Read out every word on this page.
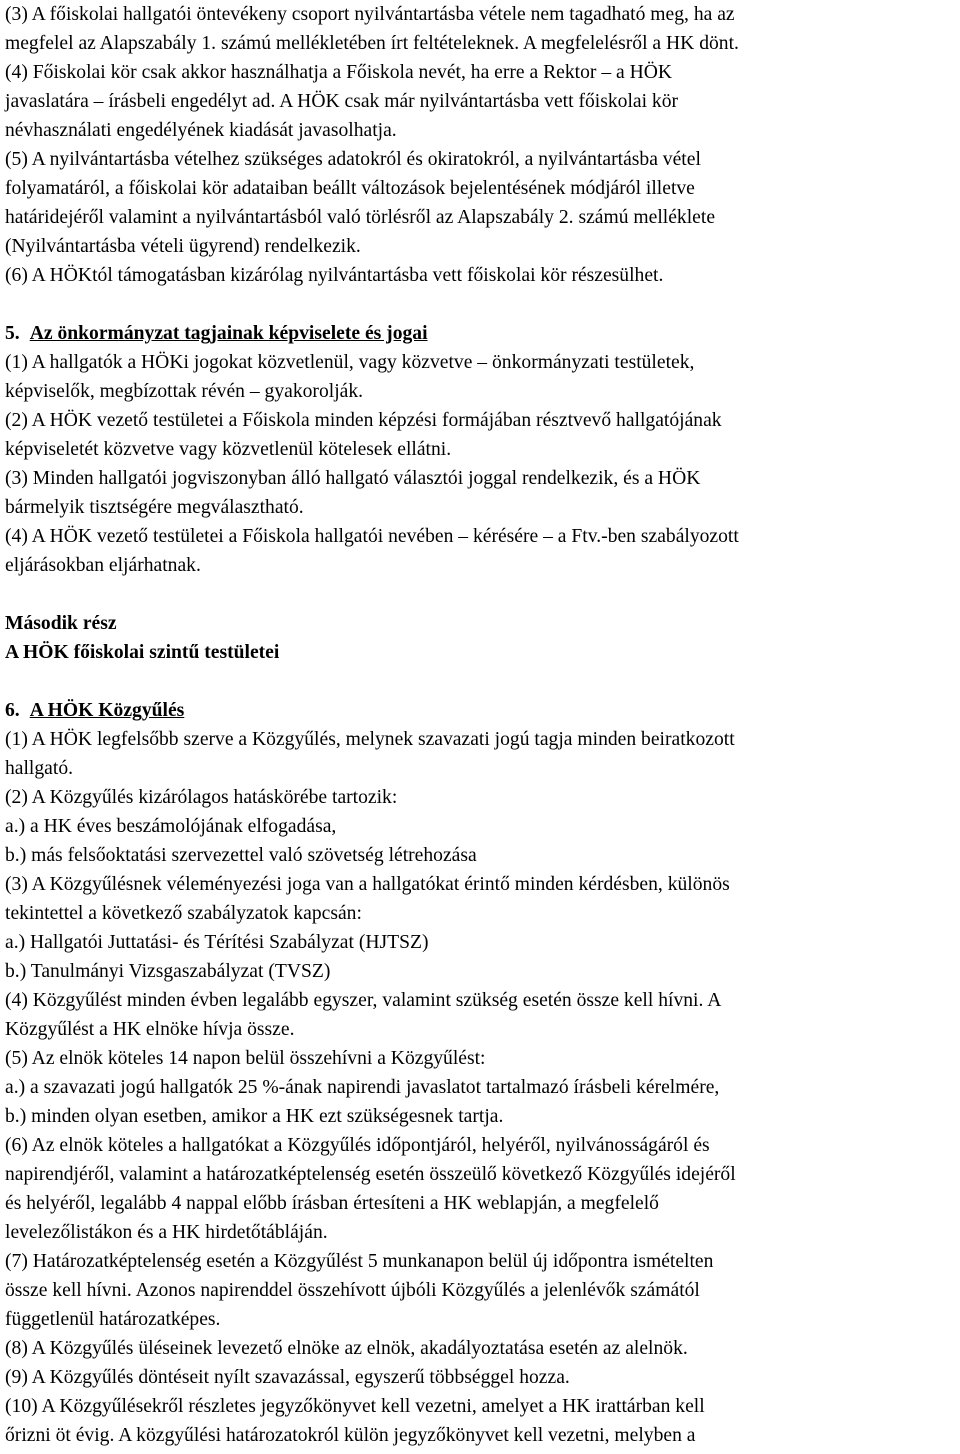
(3) A főiskolai hallgatói öntevékeny csoport nyilvántartásba vétele nem tagadható meg, ha az
megfelel az Alapszabály 1. számú mellékletében írt feltételeknek. A megfelelésről a HK dönt.
(4) Főiskolai kör csak akkor használhatja a Főiskola nevét, ha erre a Rektor – a HÖK
javaslatára – írásbeli engedélyt ad. A HÖK csak már nyilvántartásba vett főiskolai kör
névhasználati engedélyének kiadását javasolhatja.
(5) A nyilvántartásba vételhez szükséges adatokról és okiratokról, a nyilvántartásba vétel
folyamatáról, a főiskolai kör adataiban beállt változások bejelentésének módjáról illetve
határidejéről valamint a nyilvántartásból való törlésről az Alapszabály 2. számú melléklete
(Nyilvántartásba vételi ügyrend) rendelkezik.
(6) A HÖKtól támogatásban kizárólag nyilvántartásba vett főiskolai kör részesülhet.
5. Az önkormányzat tagjainak képviselete és jogai
(1) A hallgatók a HÖKi jogokat közvetlenül, vagy közvetve – önkormányzati testületek,
képviselők, megbízottak révén – gyakorolják.
(2) A HÖK vezető testületei a Főiskola minden képzési formájában résztvevő hallgatójának
képviseletét közvetve vagy közvetlenül kötelesek ellátni.
(3) Minden hallgatói jogviszonyban álló hallgató választói joggal rendelkezik, és a HÖK
bármelyik tisztségére megválasztható.
(4) A HÖK vezető testületei a Főiskola hallgatói nevében – kérésére – a Ftv.-ben szabályozott
eljárásokban eljárhatnak.
Második rész
A HÖK főiskolai szintű testületei
6. A HÖK Közgyűlés
(1) A HÖK legfelsőbb szerve a Közgyűlés, melynek szavazati jogú tagja minden beiratkozott
hallgató.
(2) A Közgyűlés kizárólagos hatáskörébe tartozik:
a.) a HK éves beszámolójának elfogadása,
b.) más felsőoktatási szervezettel való szövetség létrehozása
(3) A Közgyűlésnek véleményezési joga van a hallgatókat érintő minden kérdésben, különös
tekintettel a következő szabályzatok kapcsán:
a.) Hallgatói Juttatási- és Térítési Szabályzat (HJTSZ)
b.) Tanulmányi Vizsgaszabályzat (TVSZ)
(4) Közgyűlést minden évben legalább egyszer, valamint szükség esetén össze kell hívni. A
Közgyűlést a HK elnöke hívja össze.
(5) Az elnök köteles 14 napon belül összehívni a Közgyűlést:
a.) a szavazati jogú hallgatók 25 %-ának napirendi javaslatot tartalmazó írásbeli kérelmére,
b.) minden olyan esetben, amikor a HK ezt szükségesnek tartja.
(6) Az elnök köteles a hallgatókat a Közgyűlés időpontjáról, helyéről, nyilvánosságáról és
napirendjéről, valamint a határozatképtelenség esetén összeülő következő Közgyűlés idejéről
és helyéről, legalább 4 nappal előbb írásban értesíteni a HK weblapján, a megfelelő
levelezőlistákon és a HK hirdetőtábláján.
(7) Határozatképtelenség esetén a Közgyűlést 5 munkanapon belül új időpontra ismételten
össze kell hívni. Azonos napirenddel összehívott újbóli Közgyűlés a jelenlévők számától
függetlenül határozatképes.
(8) A Közgyűlés üléseinek levezető elnöke az elnök, akadályoztatása esetén az alelnök.
(9) A Közgyűlés döntéseit nyílt szavazással, egyszerű többséggel hozza.
(10) A Közgyűlésekről részletes jegyzőkönyvet kell vezetni, amelyet a HK irattárban kell
őrizni öt évig. A közgyűlési határozatokról külön jegyzőkönyvet kell vezetni, melyben a
